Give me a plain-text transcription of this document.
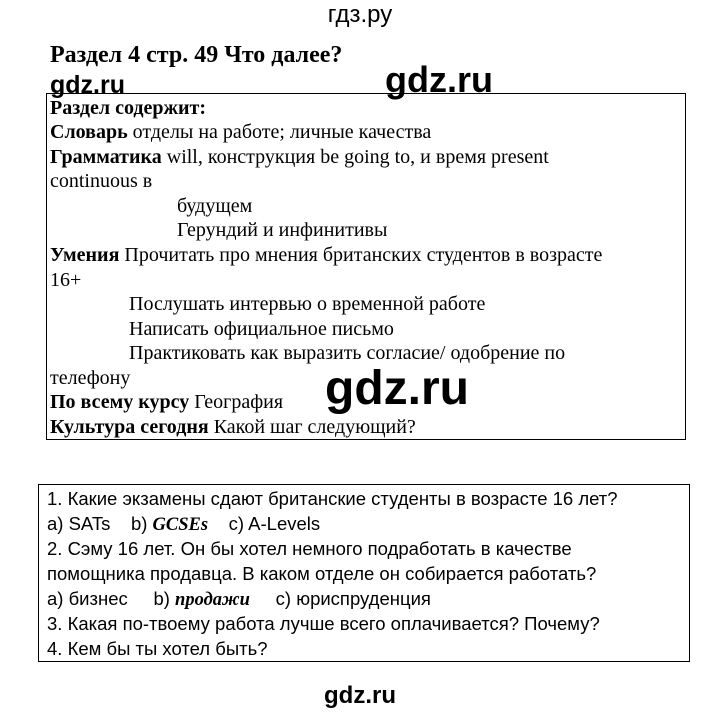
гдз.ру
Раздел 4 стр. 49 Что далее?
gdz.ru	gdz.ru
Раздел содержит:
Словарь отделы на работе; личные качества
Грамматика will, конструкция be going to, и время present
continuous в
будущем
Герундий и инфинитивы
Умения Прочитать про мнения британских студентов в возрасте
16+
Послушать интервью о временной работе
Написать официальное письмо
Практиковать как выразить согласие/ одобрение по
телефону
По всему курсу География
Культура сегодня Какой шаг следующий?
gdz.ru
1. Какие экзамены сдают британские студенты в возрасте 16 лет?
a) SATs    b) GCSEs    c) A-Levels
2. Сэму 16 лет. Он бы хотел немного подработать в качестве
помощника продавца. В каком отделе он собирается работать?
a) бизнес     b) продажи     c) юриспруденция
3. Какая по-твоему работа лучше всего оплачивается? Почему?
4. Кем бы ты хотел быть?
gdz.ru
